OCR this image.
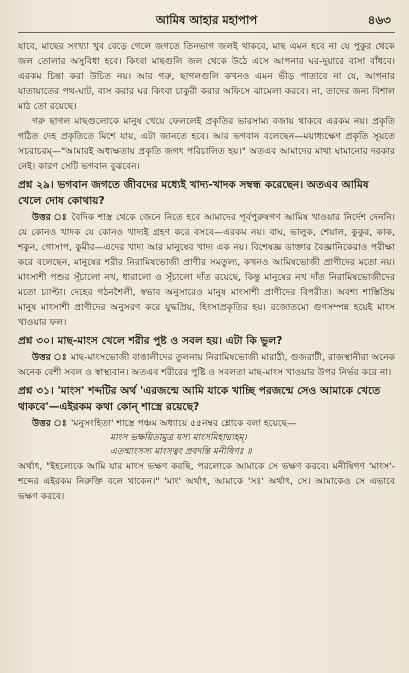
আমিষ আহার মহাপাপ	৪৬৩

যাবে, মাছের সংখ্যা খুব বেড়ে গেলে জগতে তিনভাগ জলই থাকবে, মাছ এমন হবে না যে পুকুর থেকে জল তোলার অসুবিধা হবে। কিংবা মাছগুলি জল থেকে উঠে এসে আপনার ঘর-দুয়ারে বাসা বাঁধবে। এরকম চিন্তা করা উচিত নয়। আর গরু, ছাগলগুলি কখনও এমন ভীড় পাতাবে না যে, আপনার যাতায়াতের পথ-ঘাট, বাস করার ঘর কিংবা চাকুরী করার অফিসে ঝামেলা করবে। না, তাদের জন্য বিশাল মাঠ তো রয়েছে।

গরু ছাগল মাছগুলোকে মানুষ খেয়ে ফেললেই প্রকৃতির ভারসাম্য বজায় থাকবে এরকম নয়। প্রকৃতি গঠিত দেহ প্রকৃতিতে মিশে যায়, এটা জানতে হবে। আর ভগবান বলেছেন—ময়াধ্যক্ষেণ প্রকৃতি সূয়তে সচরাচরম্—"আমারই অধ্যক্ষতায় প্রকৃতি জগৎ পরিচালিত হয়।" অতএব আমাদের মাথা ঘামানোর দরকার নেই। কারণ সেটি ভগবান বুঝবেন।

প্রশ্ন ২৯। ভগবান জগতে জীবদের মধ্যেই খাদ্য-খাদক সম্বন্ধ করেছেন। অতএব আমিষ খেলে দোষ কোথায়?

উত্তর ঃ বৈদিক শাস্ত্র থেকে জেনে নিতে হবে আমাদের পূর্বপুরুষগণ আমিষ খাওয়ার নির্দেশ দেননি। যে কোনও খাদক যে কোনও খাদ্যই গ্রহণ করে বসবে—এরকম নয়। বাঘ, ভালুক, শেয়াল, কুকুর, কাক, শকুন, গোসাপ, কুমীর—এদের খাদ্য আর মানুষের খাদ্য এক নয়। বিশেষজ্ঞ ডাক্তার বৈজ্ঞানিকেরাও পরীক্ষা করে বলেছেন, মানুষের শরীর নিরামিষভোজী প্রাণীর সমতুল্য, কখনও আমিষভোজী প্রাণীদের মতো নয়। মাংসাশী পশুর সূঁচালো নখ, ধারালো ও সূঁচালো দাঁত রয়েছে, কিন্তু মানুষের নখ দাঁত নিরামিষভোজীদের মতো চ্যাপ্টা। দেহের গঠনশৈলী, স্বভাব অনুসারেও মানুষ মাংসাশী প্রাণীদের বিপরীত। অবশ্য শাস্তিপ্রিয় মানুষ মাংসাশী প্রাণীদের অনুসরণ করে যুদ্ধপ্রিয়, হিংসাপ্রকৃতির হয়। রজোতমো গুণসম্পন্ন হয়েই মাংস খাওয়ার ফল।

প্রশ্ন ৩০। মাছ-মাংস খেলে শরীর পুষ্ট ও সবল হয়। এটা কি ভুল?

উত্তর ঃ মাছ-মাংসভোজী বাঙালীদের তুলনায় নিরামিষভোজী মারাঠী, গুজরাটী, রাজস্থানীরা অনেক অনেক বেশী সবল ও স্বাস্থ্যবান। অতএব শরীরের পুষ্টি ও সবলতা মাছ-মাংস খাওয়ার উপর নির্ভর করে না।

প্রশ্ন ৩১। 'মাংস' শব্দটির অর্থ 'এরজন্মে আমি যাকে খাচ্ছি পরজন্মে সেও আমাকে খেতে থাকবে'—এইরকম কথা কোন্ শাস্ত্রে রয়েছে?

উত্তর ঃ 'মনুসংহিতা' শাস্ত্রে পঞ্চম অধ্যায়ে ৫৫নম্বর শ্লোকে বলা হয়েছে—

মাংস ভক্ষয়িতামুত্র যস্য মাংসমিহাদ্ম্যহম্‌।

এতন্মাংসস্য মাংসত্বং প্রবদন্তি মনীষিণঃ ॥

অর্থাৎ, "ইহলোকে আমি যার মাংস ভক্ষণ করছি, পরলোকে আমাকে সে ভক্ষণ করবে। মনীষিগণ 'মাংস'-শব্দের এইরকম নিরুক্তি বলে থাকেন।" 'মাং' অর্থাৎ, আমাকে 'সঃ' অর্থাৎ, সে। আমাকেও সে এভাবে ভক্ষণ করবে।
